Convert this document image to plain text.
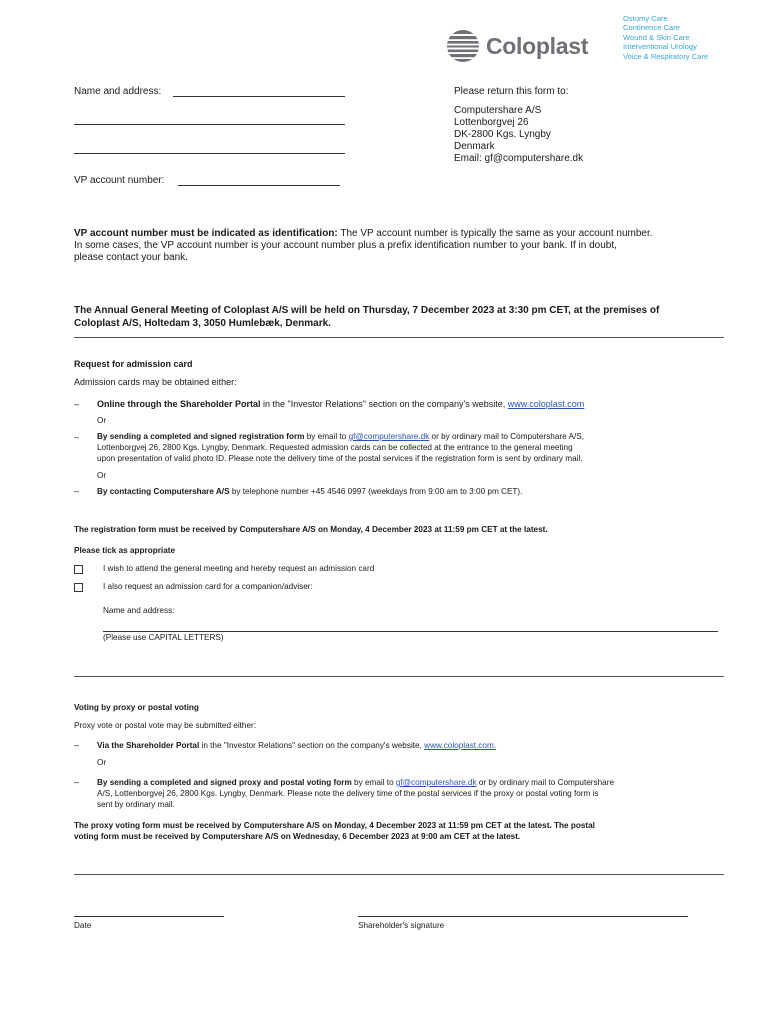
Coloplast
Ostomy Care
Continence Care
Wound & Skin Care
Interventional Urology
Voice & Respiratory Care
Name and address:
VP account number:
Please return this form to:
Computershare A/S
Lottenborgvej 26
DK-2800 Kgs. Lyngby
Denmark
Email: gf@computershare.dk
VP account number must be indicated as identification: The VP account number is typically the same as your account number.
In some cases, the VP account number is your account number plus a prefix identification number to your bank. If in doubt,
please contact your bank.
The Annual General Meeting of Coloplast A/S will be held on Thursday, 7 December 2023 at 3:30 pm CET, at the premises of
Coloplast A/S, Holtedam 3, 3050 Humlebæk, Denmark.
Request for admission card
Admission cards may be obtained either:
– Online through the Shareholder Portal in the "Investor Relations" section on the company's website, www.coloplast.com
Or
– By sending a completed and signed registration form by email to gf@computershare.dk or by ordinary mail to Computershare A/S,
Lottenborgvej 26, 2800 Kgs. Lyngby, Denmark. Requested admission cards can be collected at the entrance to the general meeting
upon presentation of valid photo ID. Please note the delivery time of the postal services if the registration form is sent by ordinary mail.
Or
– By contacting Computershare A/S by telephone number +45 4546 0997 (weekdays from 9:00 am to 3:00 pm CET).
The registration form must be received by Computershare A/S on Monday, 4 December 2023 at 11:59 pm CET at the latest.
Please tick as appropriate
I wish to attend the general meeting and hereby request an admission card
I also request an admission card for a companion/adviser:
Name and address:
(Please use CAPITAL LETTERS)
Voting by proxy or postal voting
Proxy vote or postal vote may be submitted either:
– Via the Shareholder Portal in the "Investor Relations" section on the company's website, www.coloplast.com.
Or
– By sending a completed and signed proxy and postal voting form by email to gf@computershare.dk or by ordinary mail to Computershare
A/S, Lottenborgvej 26, 2800 Kgs. Lyngby, Denmark. Please note the delivery time of the postal services if the proxy or postal voting form is
sent by ordinary mail.
The proxy voting form must be received by Computershare A/S on Monday, 4 December 2023 at 11:59 pm CET at the latest. The postal
voting form must be received by Computershare A/S on Wednesday, 6 December 2023 at 9:00 am CET at the latest.
Date	Shareholder's signature
